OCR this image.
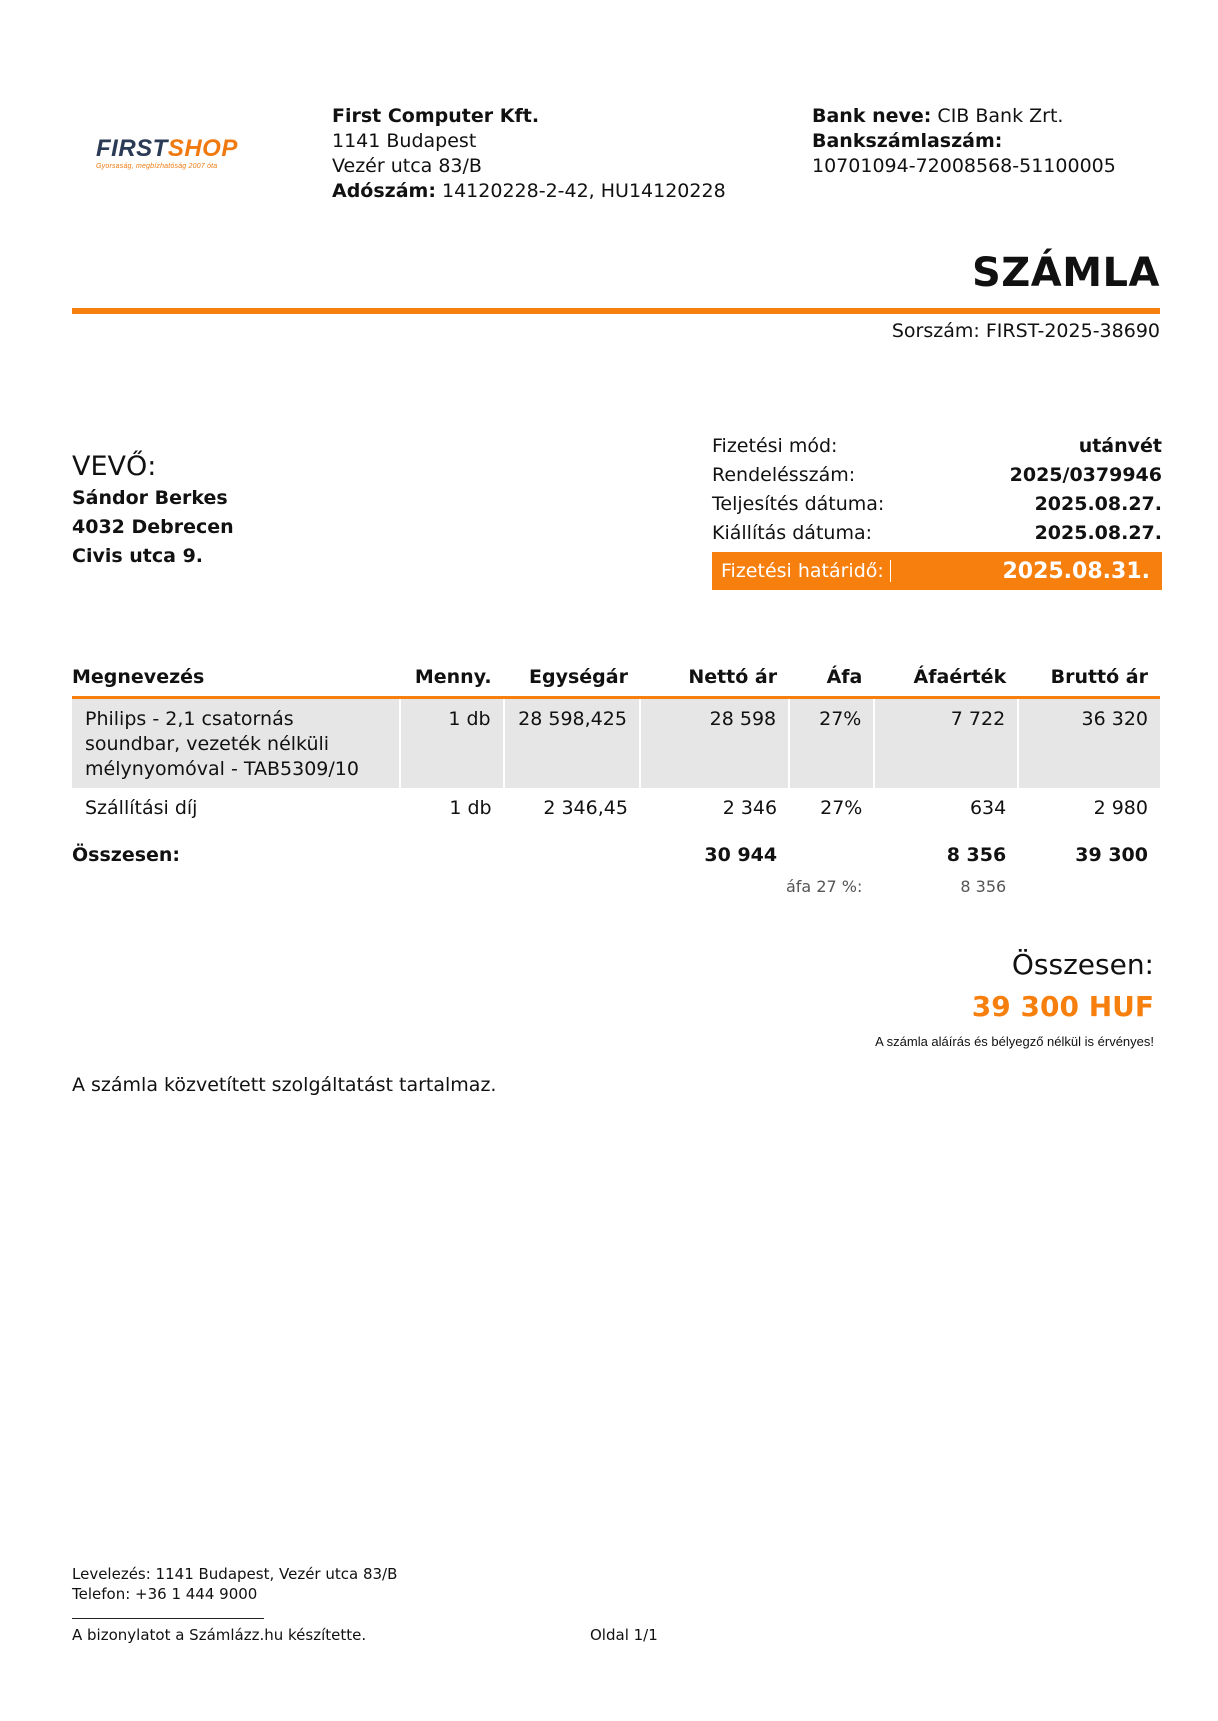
FIRSTSHOP
Gyorsaság, megbízhatóság 2007 óta
First Computer Kft.
1141 Budapest
Vezér utca 83/B
Adószám: 14120228-2-42, HU14120228
Bank neve: CIB Bank Zrt.
Bankszámlaszám:
10701094-72008568-51100005
SZÁMLA
Sorszám: FIRST-2025-38690
VEVŐ:
Sándor Berkes
4032 Debrecen
Civis utca 9.
Fizetési mód:	utánvét
Rendelésszám:	2025/0379946
Teljesítés dátuma:	2025.08.27.
Kiállítás dátuma:	2025.08.27.
Fizetési határidő:	2025.08.31.
Megnevezés	Menny.	Egységár	Nettó ár	Áfa	Áfaérték	Bruttó ár

Philips - 2,1 csatornás
soundbar, vezeték nélküli
mélynyomóval - TAB5309/10	1 db	28 598,425	28 598	27%	7 722	36 320

Szállítási díj	1 db	2 346,45	2 346	27%	634	2 980
Összesen:			30 944		8 356	39 300
áfa 27 %:					8 356	
Összesen:
39 300 HUF
A számla aláírás és bélyegző nélkül is érvényes!
A számla közvetített szolgáltatást tartalmaz.
Levelezés: 1141 Budapest, Vezér utca 83/B
Telefon: +36 1 444 9000
A bizonylatot a Számlázz.hu készítette.	Oldal 1/1
